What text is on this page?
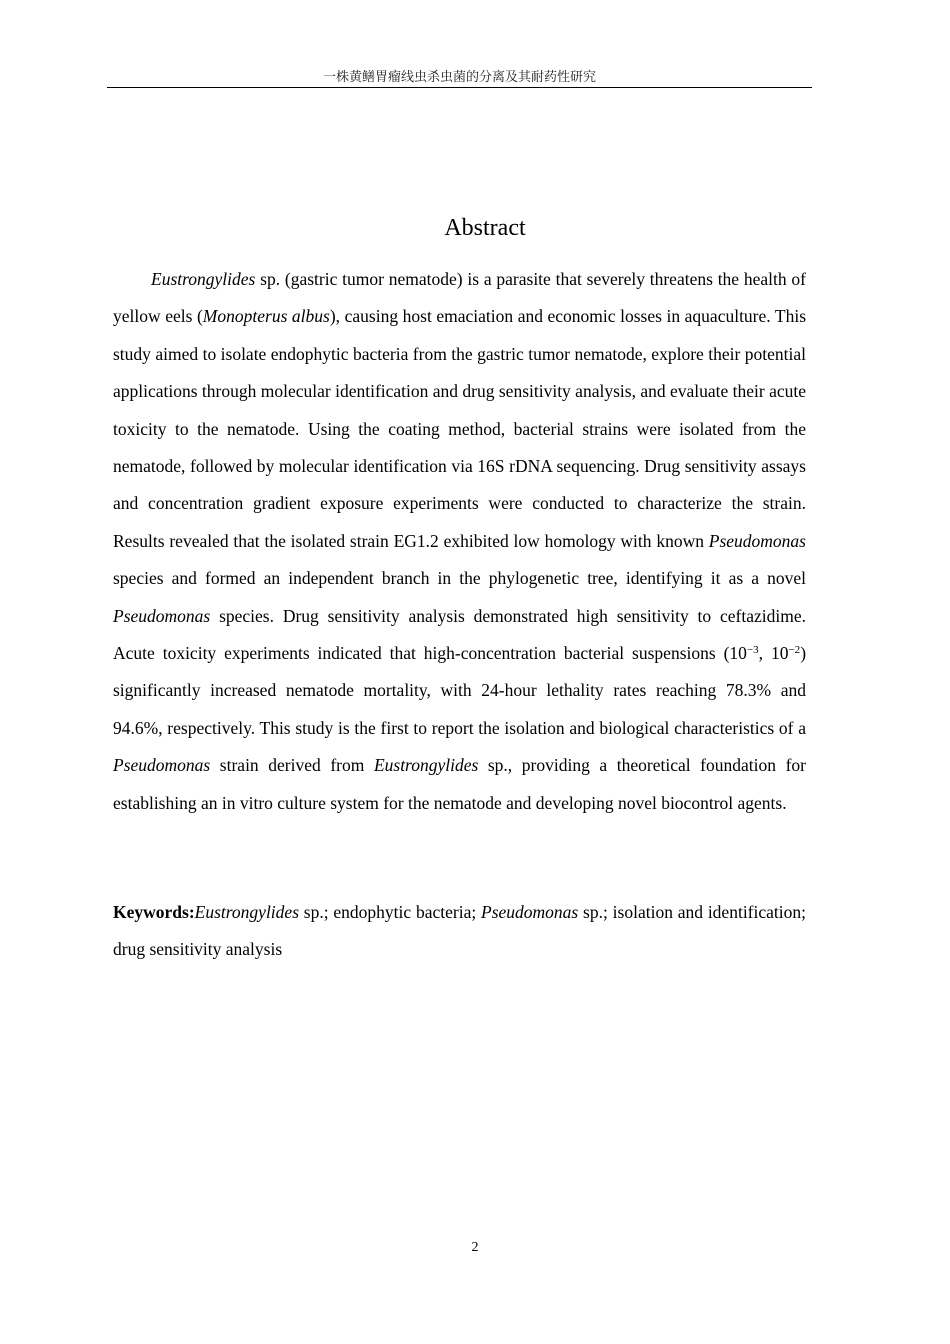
一株黄鳝胃瘤线虫杀虫菌的分离及其耐药性研究
Abstract

Eustrongylides sp. (gastric tumor nematode) is a parasite that severely threatens the health of yellow eels (Monopterus albus), causing host emaciation and economic losses in aquaculture. This study aimed to isolate endophytic bacteria from the gastric tumor nematode, explore their potential applications through molecular identification and drug sensitivity analysis, and evaluate their acute toxicity to the nematode. Using the coating method, bacterial strains were isolated from the nematode, followed by molecular identification via 16S rDNA sequencing. Drug sensitivity assays and concentration gradient exposure experiments were conducted to characterize the strain. Results revealed that the isolated strain EG1.2 exhibited low homology with known Pseudomonas species and formed an independent branch in the phylogenetic tree, identifying it as a novel Pseudomonas species. Drug sensitivity analysis demonstrated high sensitivity to ceftazidime. Acute toxicity experiments indicated that high-concentration bacterial suspensions ($10^{-3}$, $10^{-2}$) significantly increased nematode mortality, with 24-hour lethality rates reaching 78.3% and 94.6%, respectively. This study is the first to report the isolation and biological characteristics of a Pseudomonas strain derived from Eustrongylides sp., providing a theoretical foundation for establishing an in vitro culture system for the nematode and developing novel biocontrol agents.

Keywords:Eustrongylides sp.; endophytic bacteria; Pseudomonas sp.; isolation and identification; drug sensitivity analysis

2
